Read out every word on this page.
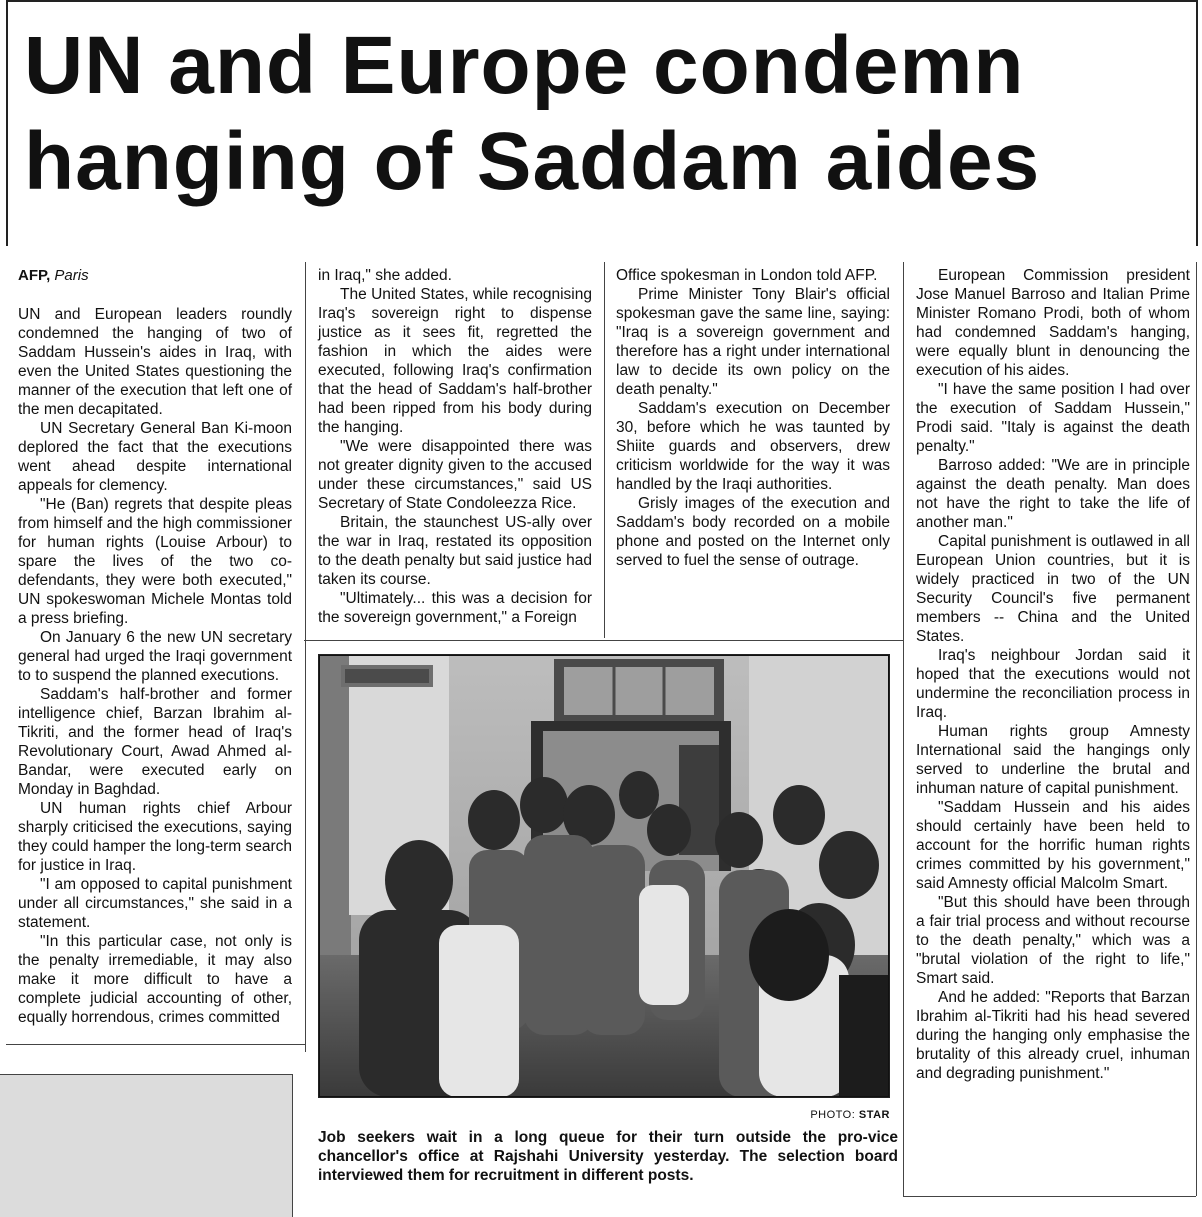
UN and Europe condemn
hanging of Saddam aides
AFP, Paris

UN and European leaders roundly condemned the hanging of two of Saddam Hussein's aides in Iraq, with even the United States questioning the manner of the execution that left one of the men decapitated.

UN Secretary General Ban Ki-moon deplored the fact that the executions went ahead despite international appeals for clemency.

"He (Ban) regrets that despite pleas from himself and the high commissioner for human rights (Louise Arbour) to spare the lives of the two co-defendants, they were both executed," UN spokeswoman Michele Montas told a press briefing.

On January 6 the new UN secretary general had urged the Iraqi government to to suspend the planned executions.

Saddam's half-brother and former intelligence chief, Barzan Ibrahim al-Tikriti, and the former head of Iraq's Revolutionary Court, Awad Ahmed al-Bandar, were executed early on Monday in Baghdad.

UN human rights chief Arbour sharply criticised the executions, saying they could hamper the long-term search for justice in Iraq.

"I am opposed to capital punishment under all circumstances," she said in a statement.

"In this particular case, not only is the penalty irremediable, it may also make it more difficult to have a complete judicial accounting of other, equally horrendous, crimes committed

in Iraq," she added.

The United States, while recognising Iraq's sovereign right to dispense justice as it sees fit, regretted the fashion in which the aides were executed, following Iraq's confirmation that the head of Saddam's half-brother had been ripped from his body during the hanging.

"We were disappointed there was not greater dignity given to the accused under these circumstances," said US Secretary of State Condoleezza Rice.

Britain, the staunchest US-ally over the war in Iraq, restated its opposition to the death penalty but said justice had taken its course.

"Ultimately... this was a decision for the sovereign government," a Foreign

Office spokesman in London told AFP.

Prime Minister Tony Blair's official spokesman gave the same line, saying: "Iraq is a sovereign government and therefore has a right under international law to decide its own policy on the death penalty."

Saddam's execution on December 30, before which he was taunted by Shiite guards and observers, drew criticism worldwide for the way it was handled by the Iraqi authorities.

Grisly images of the execution and Saddam's body recorded on a mobile phone and posted on the Internet only served to fuel the sense of outrage.

European Commission president Jose Manuel Barroso and Italian Prime Minister Romano Prodi, both of whom had condemned Saddam's hanging, were equally blunt in denouncing the execution of his aides.

"I have the same position I had over the execution of Saddam Hussein," Prodi said. "Italy is against the death penalty."

Barroso added: "We are in principle against the death penalty. Man does not have the right to take the life of another man."

Capital punishment is outlawed in all European Union countries, but it is widely practiced in two of the UN Security Council's five permanent members -- China and the United States.

Iraq's neighbour Jordan said it hoped that the executions would not undermine the reconciliation process in Iraq.

Human rights group Amnesty International said the hangings only served to underline the brutal and inhuman nature of capital punishment.

"Saddam Hussein and his aides should certainly have been held to account for the horrific human rights crimes committed by his government," said Amnesty official Malcolm Smart.

"But this should have been through a fair trial process and without recourse to the death penalty," which was a "brutal violation of the right to life," Smart said.

And he added: "Reports that Barzan Ibrahim al-Tikriti had his head severed during the hanging only emphasise the brutality of this already cruel, inhuman and degrading punishment."

PHOTO: STAR

Job seekers wait in a long queue for their turn outside the pro-vice chancellor's office at Rajshahi University yesterday. The selection board interviewed them for recruitment in different posts.
